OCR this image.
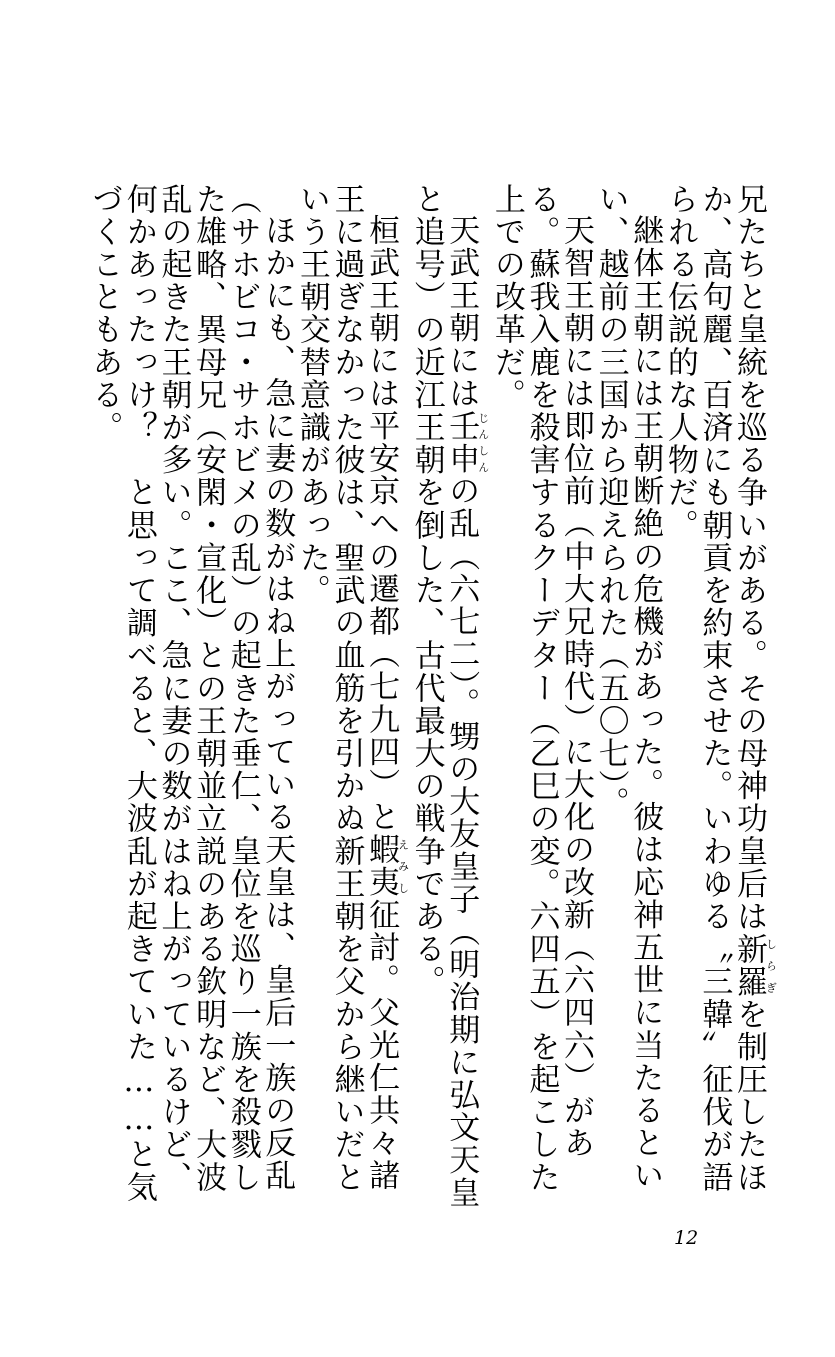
兄たちと皇統を巡る争いがある。その母神功皇后は新羅しらぎを制圧したほか、高句麗、百済にも朝貢を約束させた。いわゆる〝三韓〟征伐が語られる伝説的な人物だ。

継体王朝には王朝断絶の危機があった。彼は応神五世に当たるといい、越前の三国から迎えられた（五〇七）。

天智王朝には即位前（中大兄時代）に大化の改新（六四六）がある。蘇我入鹿を殺害するクーデター（乙巳の変。六四五）を起こした上での改革だ。

天武王朝には壬申じんしんの乱（六七二）。甥の大友皇子（明治期に弘文天皇と追号）の近江王朝を倒した、古代最大の戦争である。

桓武王朝には平安京への遷都（七九四）と蝦夷えみし征討。父光仁共々諸王に過ぎなかった彼は、聖武の血筋を引かぬ新王朝を父から継いだという王朝交替意識があった。

ほかにも、急に妻の数がはね上がっている天皇は、皇后一族の反乱（サホビコ・サホビメの乱）の起きた垂仁、皇位を巡り一族を殺戮した雄略、異母兄（安閑・宣化）との王朝並立説のある欽明など、大波乱の起きた王朝が多い。ここ、急に妻の数がはね上がっているけど、何かあったっけ？　と思って調べると、大波乱が起きていた……と気づくこともある。

12
